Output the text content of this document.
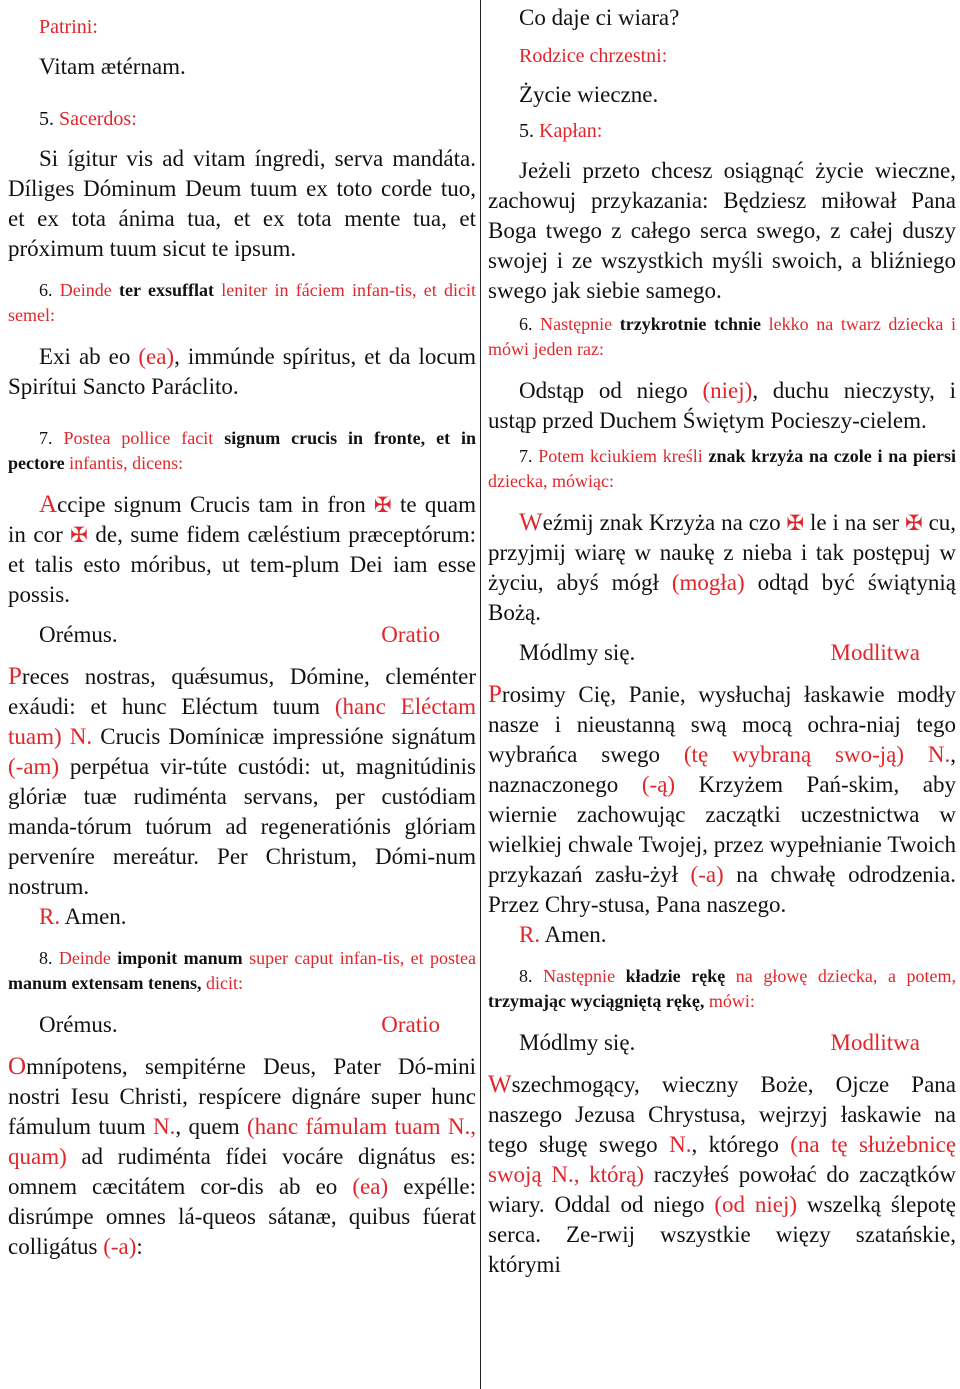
Patrini:

Vitam ætérnam.

5. Sacerdos:

Si ígitur vis ad vitam íngredi, serva mandáta. Díliges Dóminum Deum tuum ex toto corde tuo, et ex tota ánima tua, et ex tota mente tua, et próximum tuum sicut te ipsum.

6. Deinde ter exsufflat leniter in fáciem infan-tis, et dicit semel:

Exi ab eo (ea), immúnde spíritus, et da locum Spirítui Sancto Paráclito.

7. Postea pollice facit signum crucis in fronte, et in pectore infantis, dicens:

Accipe signum Crucis tam in fron ✠ te quam in cor ✠ de, sume fidem cæléstium præceptórum: et talis esto móribus, ut tem-plum Dei iam esse possis.

Orémus.	Oratio

Preces nostras, quǽsumus, Dómine, cleménter exáudi: et hunc Eléctum tuum (hanc Eléctam tuam) N. Crucis Domínicæ impressióne signátum (-am) perpétua vir-túte custódi: ut, magnitúdinis glóriæ tuæ rudiménta servans, per custódiam manda-tórum tuórum ad regeneratiónis glóriam perveníre mereátur. Per Christum, Dómi-num nostrum.

R. Amen.

8. Deinde imponit manum super caput infan-tis, et postea manum extensam tenens, dicit:

Orémus.	Oratio

Omnípotens, sempitérne Deus, Pater Dó-mini nostri Iesu Christi, respícere dignáre super hunc fámulum tuum N., quem (hanc fámulam tuam N., quam) ad rudiménta fídei vocáre dignátus es: omnem cæcitátem cor-dis ab eo (ea) expélle: disrúmpe omnes lá-queos sátanæ, quibus fúerat colligátus (-a):

Co daje ci wiara?

Rodzice chrzestni:

Życie wieczne.

5. Kapłan:

Jeżeli przeto chcesz osiągnąć życie wieczne, zachowuj przykazania: Będziesz miłował Pana Boga twego z całego serca swego, z całej duszy swojej i ze wszystkich myśli swoich, a bliźniego swego jak siebie samego.

6. Następnie trzykrotnie tchnie lekko na twarz dziecka i mówi jeden raz:

Odstąp od niego (niej), duchu nieczysty, i ustąp przed Duchem Świętym Pocieszy-cielem.

7. Potem kciukiem kreśli znak krzyża na czole i na piersi dziecka, mówiąc:

Weźmij znak Krzyża na czo ✠ le i na ser ✠ cu, przyjmij wiarę w naukę z nieba i tak postępuj w życiu, abyś mógł (mogła) odtąd być świątynią Bożą.

Módlmy się.	Modlitwa

Prosimy Cię, Panie, wysłuchaj łaskawie modły nasze i nieustanną swą mocą ochra-niaj tego wybrańca swego (tę wybraną swo-ją) N., naznaczonego (-ą) Krzyżem Pań-skim, aby wiernie zachowując zaczątki uczestnictwa w wielkiej chwale Twojej, przez wypełnianie Twoich przykazań zasłu-żył (-a) na chwałę odrodzenia. Przez Chry-stusa, Pana naszego.

R. Amen.

8. Następnie kładzie rękę na głowę dziecka, a potem, trzymając wyciągniętą rękę, mówi:

Módlmy się.	Modlitwa

Wszechmogący, wieczny Boże, Ojcze Pana naszego Jezusa Chrystusa, wejrzyj łaskawie na tego sługę swego N., którego (na tę służebnicę swoją N., którą) raczyłeś powołać do zaczątków wiary. Oddal od niego (od niej) wszelką ślepotę serca. Ze-rwij wszystkie więzy szatańskie, którymi
